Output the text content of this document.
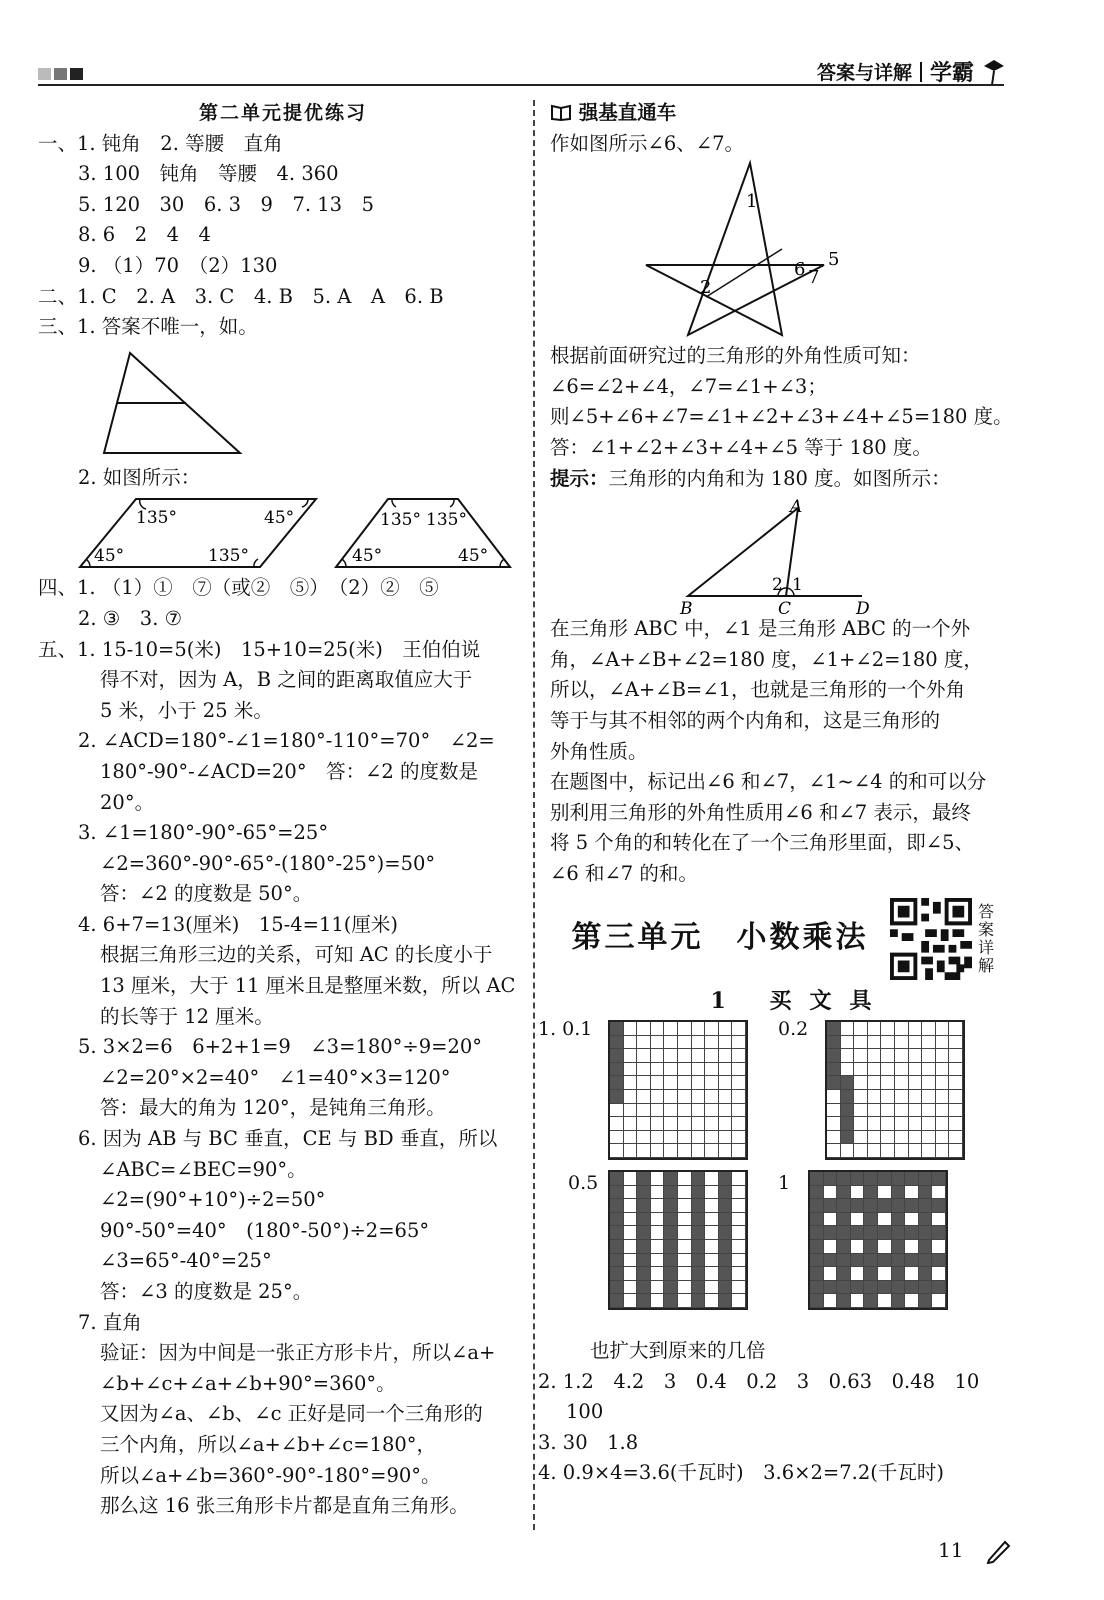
答案与详解 学霸
第二单元提优练习
一、1. 钝角　2. 等腰　直角
3. 100　钝角　等腰　4. 360
5. 120　30　6. 3　9　7. 13　5
8. 6　2　4　4
9. （1）70　（2）130
二、1. C　2. A　3. C　4. B　5. A　A　6. B
三、1. 答案不唯一，如。
2. 如图所示：
135°	45°
45°	135°
135° 135°
45°	45°
四、1. （1）①　⑦（或②　⑤）　（2）②　⑤
2. ③　3. ⑦
五、1. 15-10=5(米)　15+10=25(米)　王伯伯说
得不对，因为 A，B 之间的距离取值应大于
5 米，小于 25 米。
2. ∠ACD=180°-∠1=180°-110°=70°　∠2=
180°-90°-∠ACD=20°　答：∠2 的度数是
20°。
3. ∠1=180°-90°-65°=25°
∠2=360°-90°-65°-(180°-25°)=50°
答：∠2 的度数是 50°。
4. 6+7=13(厘米)　15-4=11(厘米)
根据三角形三边的关系，可知 AC 的长度小于
13 厘米，大于 11 厘米且是整厘米数，所以 AC
的长等于 12 厘米。
5. 3×2=6　6+2+1=9　∠3=180°÷9=20°
∠2=20°×2=40°　∠1=40°×3=120°
答：最大的角为 120°，是钝角三角形。
6. 因为 AB 与 BC 垂直，CE 与 BD 垂直，所以
∠ABC=∠BEC=90°。
∠2=(90°+10°)÷2=50°
90°-50°=40°　(180°-50°)÷2=65°
∠3=65°-40°=25°
答：∠3 的度数是 25°。
7. 直角
验证：因为中间是一张正方形卡片，所以∠a+
∠b+∠c+∠a+∠b+90°=360°。
又因为∠a、∠b、∠c 正好是同一个三角形的
三个内角，所以∠a+∠b+∠c=180°，
所以∠a+∠b=360°-90°-180°=90°。
那么这 16 张三角形卡片都是直角三角形。
强基直通车
作如图所示∠6、∠7。
1
2
5
6 7
根据前面研究过的三角形的外角性质可知：
∠6=∠2+∠4，∠7=∠1+∠3；
则∠5+∠6+∠7=∠1+∠2+∠3+∠4+∠5=180 度。
答：∠1+∠2+∠3+∠4+∠5 等于 180 度。
提示：三角形的内角和为 180 度。如图所示：
A
B	C	D
2 1
在三角形 ABC 中，∠1 是三角形 ABC 的一个外
角，∠A+∠B+∠2=180 度，∠1+∠2=180 度，
所以，∠A+∠B=∠1，也就是三角形的一个外角
等于与其不相邻的两个内角和，这是三角形的
外角性质。
在题图中，标记出∠6 和∠7，∠1~∠4 的和可以分
别利用三角形的外角性质用∠6 和∠7 表示，最终
将 5 个角的和转化在了一个三角形里面，即∠5、
∠6 和∠7 的和。
第三单元　小数乘法
答
案
详
解
1 买文具
1. 0.1	0.2
0.5	1
也扩大到原来的几倍
2. 1.2　4.2　3　0.4　0.2　3　0.63　0.48　10
100
3. 30　1.8
4. 0.9×4=3.6(千瓦时)　3.6×2=7.2(千瓦时)
11
